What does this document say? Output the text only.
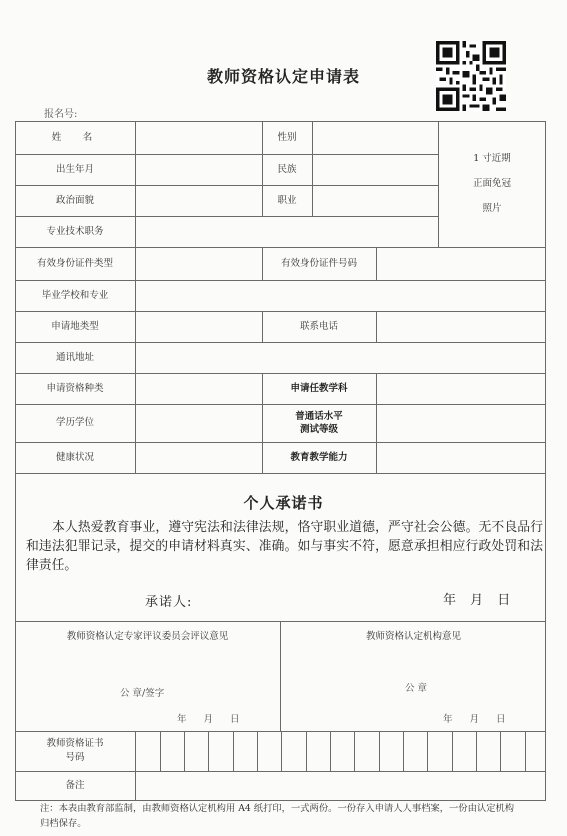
教师资格认定申请表
报名号:
姓　名	性别
出生年月	民族
政治面貌	职业
专业技术职务
1 寸近期
正面免冠
照片
有效身份证件类型	有效身份证件号码
毕业学校和专业
申请地类型	联系电话
通讯地址
申请资格种类	申请任教学科
学历学位
普通话水平
测试等级
健康状况	教育教学能力
个人承诺书
本人热爱教育事业，遵守宪法和法律法规，恪守职业道德，严守社会公德。无不良品行和违法犯罪记录，提交的申请材料真实、准确。如与事实不符，愿意承担相应行政处罚和法律责任。
承诺人:	年 月 日
教师资格认定专家评议委员会评议意见
公 章/签字
年 月 日
教师资格认定机构意见
公 章
年 月 日
教师资格证书
号码
备注
注：本表由教育部监制，由教师资格认定机构用 A4 纸打印，一式两份。一份存入申请人人事档案，一份由认定机构归档保存。
